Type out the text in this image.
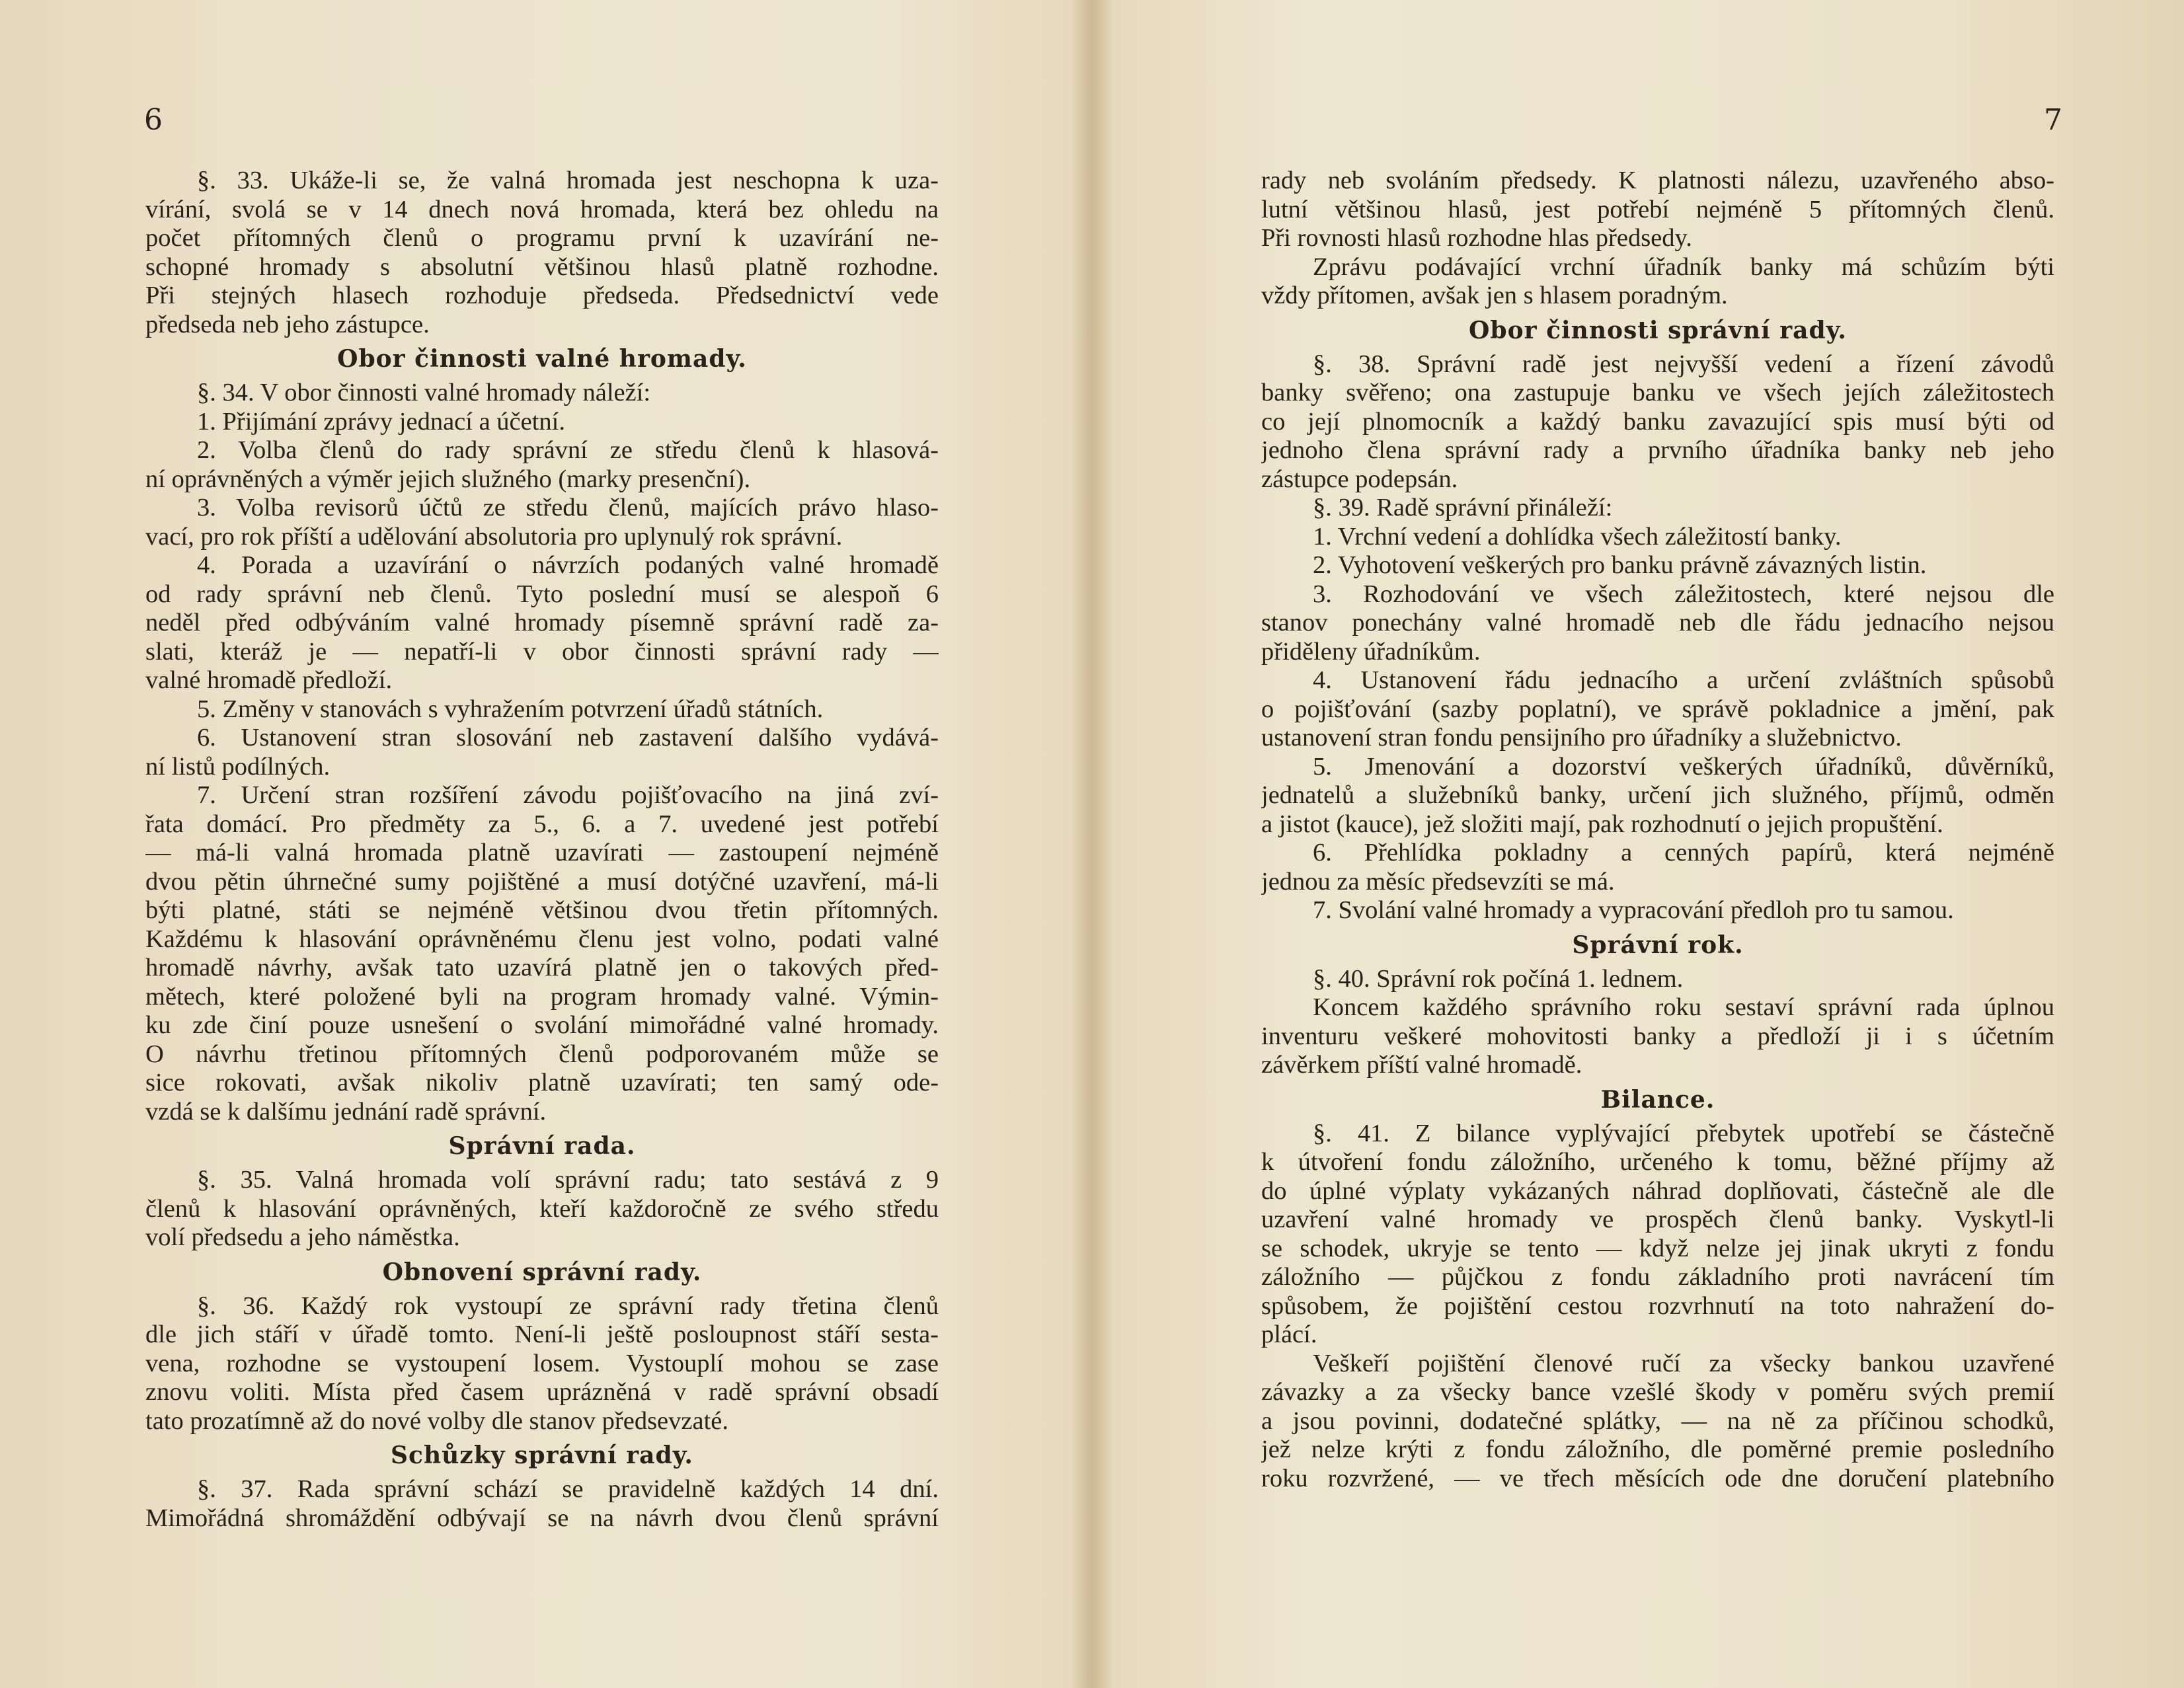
6
§. 33. Ukáže-li se, že valná hromada jest neschopna k uza-
vírání, svolá se v 14 dnech nová hromada, která bez ohledu na
počet přítomných členů o programu první k uzavírání ne-
schopné hromady s absolutní většinou hlasů platně rozhodne.
Při stejných hlasech rozhoduje předseda. Předsednictví vede
předseda neb jeho zástupce.
Obor činnosti valné hromady.
§. 34. V obor činnosti valné hromady náleží:
1. Přijímání zprávy jednací a účetní.
2. Volba členů do rady správní ze středu členů k hlasová-
ní oprávněných a výměr jejich služného (marky presenční).
3. Volba revisorů účtů ze středu členů, majících právo hlaso-
vací, pro rok příští a udělování absolutoria pro uplynulý rok správní.
4. Porada a uzavírání o návrzích podaných valné hromadě
od rady správní neb členů. Tyto poslední musí se alespoň 6
neděl před odbýváním valné hromady písemně správní radě za-
slati, kteráž je — nepatří-li v obor činnosti správní rady —
valné hromadě předloží.
5. Změny v stanovách s vyhražením potvrzení úřadů státních.
6. Ustanovení stran slosování neb zastavení dalšího vydává-
ní listů podílných.
7. Určení stran rozšíření závodu pojišťovacího na jiná zví-
řata domácí. Pro předměty za 5., 6. a 7. uvedené jest potřebí
— má-li valná hromada platně uzavírati — zastoupení nejméně
dvou pětin úhrnečné sumy pojištěné a musí dotýčné uzavření, má-li
býti platné, státi se nejméně většinou dvou třetin přítomných.
Každému k hlasování oprávněnému členu jest volno, podati valné
hromadě návrhy, avšak tato uzavírá platně jen o takových před-
mětech, které položené byli na program hromady valné. Výmin-
ku zde činí pouze usnešení o svolání mimořádné valné hromady.
O návrhu třetinou přítomných členů podporovaném může se
sice rokovati, avšak nikoliv platně uzavírati; ten samý ode-
vzdá se k dalšímu jednání radě správní.
Správní rada.
§. 35. Valná hromada volí správní radu; tato sestává z 9
členů k hlasování oprávněných, kteří každoročně ze svého středu
volí předsedu a jeho náměstka.
Obnovení správní rady.
§. 36. Každý rok vystoupí ze správní rady třetina členů
dle jich stáří v úřadě tomto. Není-li ještě posloupnost stáří sesta-
vena, rozhodne se vystoupení losem. Vystouplí mohou se zase
znovu voliti. Místa před časem uprázněná v radě správní obsadí
tato prozatímně až do nové volby dle stanov předsevzaté.
Schůzky správní rady.
§. 37. Rada správní schází se pravidelně každých 14 dní.
Mimořádná shromáždění odbývají se na návrh dvou členů správní
7
rady neb svoláním předsedy. K platnosti nálezu, uzavřeného abso-
lutní většinou hlasů, jest potřebí nejméně 5 přítomných členů.
Při rovnosti hlasů rozhodne hlas předsedy.
Zprávu podávající vrchní úřadník banky má schůzím býti
vždy přítomen, avšak jen s hlasem poradným.
Obor činnosti správní rady.
§. 38. Správní radě jest nejvyšší vedení a řízení závodů
banky svěřeno; ona zastupuje banku ve všech jejích záležitostech
co její plnomocník a každý banku zavazující spis musí býti od
jednoho člena správní rady a prvního úřadníka banky neb jeho
zástupce podepsán.
§. 39. Radě správní přináleží:
1. Vrchní vedení a dohlídka všech záležitostí banky.
2. Vyhotovení veškerých pro banku právně závazných listin.
3. Rozhodování ve všech záležitostech, které nejsou dle
stanov ponechány valné hromadě neb dle řádu jednacího nejsou
přiděleny úřadníkům.
4. Ustanovení řádu jednacího a určení zvláštních spůsobů
o pojišťování (sazby poplatní), ve správě pokladnice a jmění, pak
ustanovení stran fondu pensijního pro úřadníky a služebnictvo.
5. Jmenování a dozorství veškerých úřadníků, důvěrníků,
jednatelů a služebníků banky, určení jich služného, příjmů, odměn
a jistot (kauce), jež složiti mají, pak rozhodnutí o jejich propuštění.
6. Přehlídka pokladny a cenných papírů, která nejméně
jednou za měsíc předsevzíti se má.
7. Svolání valné hromady a vypracování předloh pro tu samou.
Správní rok.
§. 40. Správní rok počíná 1. lednem.
Koncem každého správního roku sestaví správní rada úplnou
inventuru veškeré mohovitosti banky a předloží ji i s účetním
závěrkem příští valné hromadě.
Bilance.
§. 41. Z bilance vyplývající přebytek upotřebí se částečně
k útvoření fondu záložního, určeného k tomu, běžné příjmy až
do úplné výplaty vykázaných náhrad doplňovati, částečně ale dle
uzavření valné hromady ve prospěch členů banky. Vyskytl-li
se schodek, ukryje se tento — když nelze jej jinak ukryti z fondu
záložního — půjčkou z fondu základního proti navrácení tím
spůsobem, že pojištění cestou rozvrhnutí na toto nahražení do-
plácí.
Veškeří pojištění členové ručí za všecky bankou uzavřené
závazky a za všecky bance vzešlé škody v poměru svých premií
a jsou povinni, dodatečné splátky, — na ně za příčinou schodků,
jež nelze krýti z fondu záložního, dle poměrné premie posledního
roku rozvržené, — ve třech měsících ode dne doručení platebního
